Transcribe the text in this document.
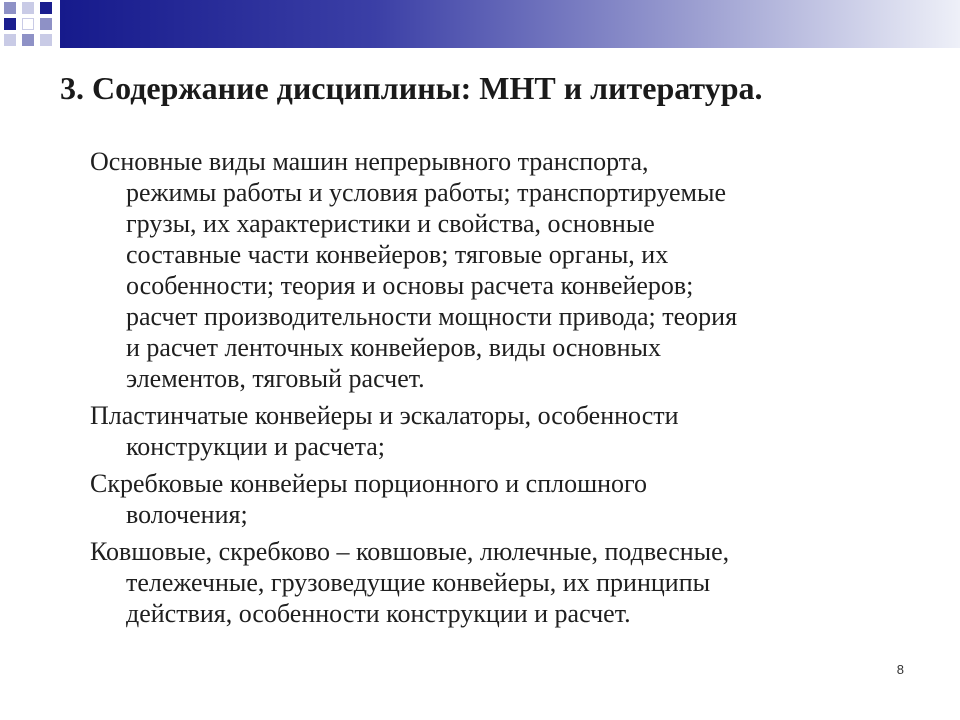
3. Содержание дисциплины: МНТ и литература.
Основные виды машин непрерывного транспорта,
режимы работы и условия работы; транспортируемые
грузы, их характеристики и свойства, основные
составные части конвейеров; тяговые органы, их
особенности; теория и основы расчета конвейеров;
расчет производительности мощности привода; теория
и расчет ленточных конвейеров, виды основных
элементов, тяговый расчет.
Пластинчатые конвейеры и эскалаторы, особенности
конструкции и расчета;
Скребковые конвейеры порционного и сплошного
волочения;
Ковшовые, скребково – ковшовые, люлечные, подвесные,
тележечные, грузоведущие конвейеры, их принципы
действия, особенности конструкции и расчет.
8
